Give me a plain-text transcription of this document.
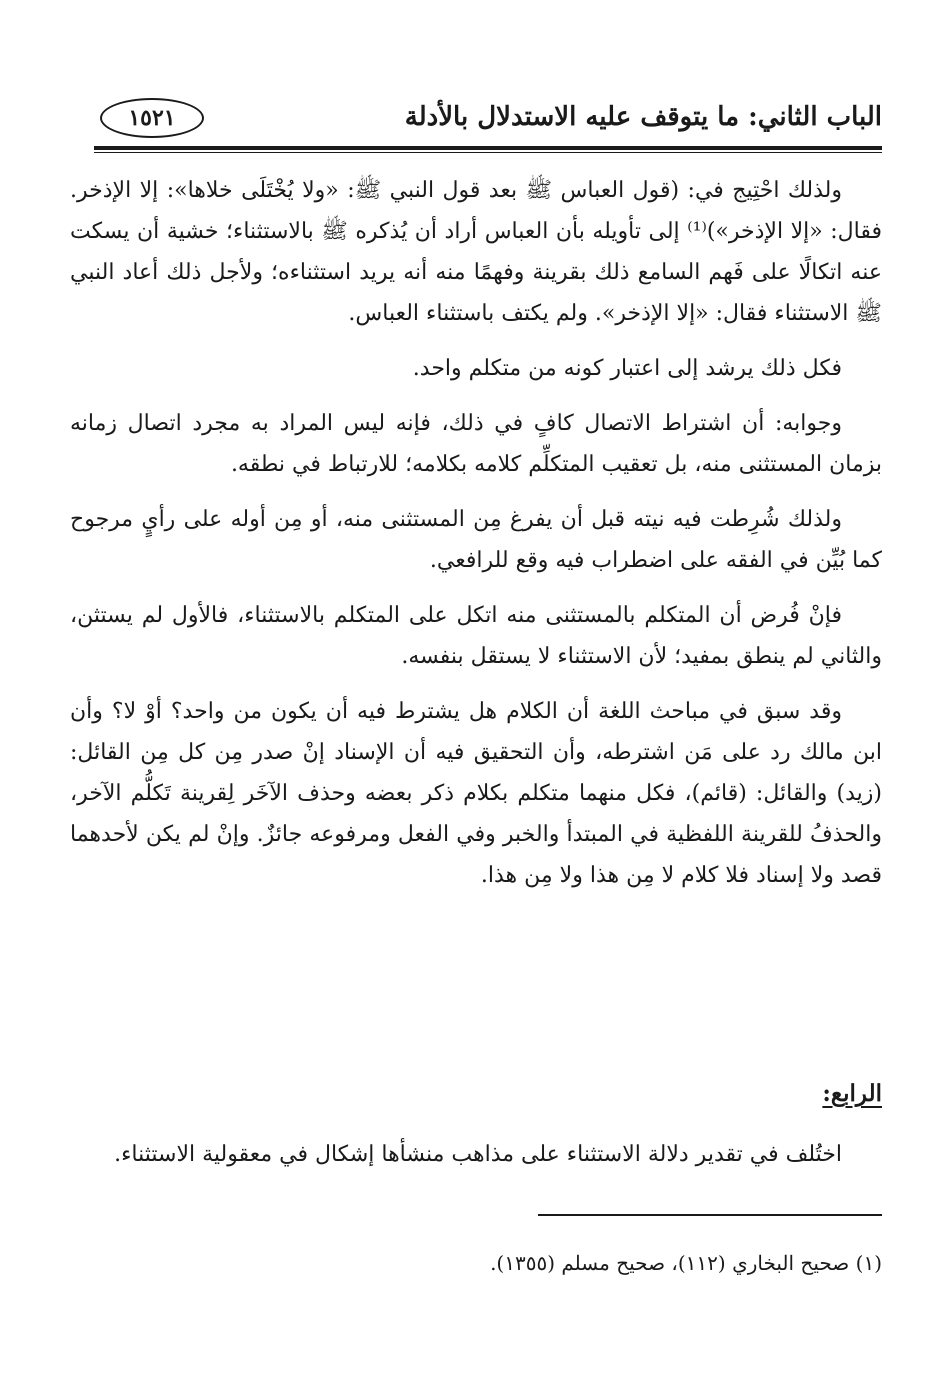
الباب الثاني: ما يتوقف عليه الاستدلال بالأدلة
١٥٢١

ولذلك احْتِيج في: (قول العباس ﷺ بعد قول النبي ﷺ: «ولا يُخْتَلَى خلاها»: إلا الإذخر. فقال: «إلا الإذخر»)⁽¹⁾ إلى تأويله بأن العباس أراد أن يُذكره ﷺ بالاستثناء؛ خشية أن يسكت عنه اتكالًا على فَهم السامع ذلك بقرينة وفهمًا منه أنه يريد استثناءه؛ ولأجل ذلك أعاد النبي ﷺ الاستثناء فقال: «إلا الإذخر». ولم يكتف باستثناء العباس.

فكل ذلك يرشد إلى اعتبار كونه من متكلم واحد.

وجوابه: أن اشتراط الاتصال كافٍ في ذلك، فإنه ليس المراد به مجرد اتصال زمانه بزمان المستثنى منه، بل تعقيب المتكلِّم كلامه بكلامه؛ للارتباط في نطقه.

ولذلك شُرِطت فيه نيته قبل أن يفرغ مِن المستثنى منه، أو مِن أوله على رأيٍ مرجوح كما بُيِّن في الفقه على اضطراب فيه وقع للرافعي.

فإنْ فُرض أن المتكلم بالمستثنى منه اتكل على المتكلم بالاستثناء، فالأول لم يستثن، والثاني لم ينطق بمفيد؛ لأن الاستثناء لا يستقل بنفسه.

وقد سبق في مباحث اللغة أن الكلام هل يشترط فيه أن يكون من واحد؟ أوْ لا؟ وأن ابن مالك رد على مَن اشترطه، وأن التحقيق فيه أن الإسناد إنْ صدر مِن كل مِن القائل: (زيد) والقائل: (قائم)، فكل منهما متكلم بكلام ذكر بعضه وحذف الآخَر لِقرينة تَكلُّم الآخر، والحذفُ للقرينة اللفظية في المبتدأ والخبر وفي الفعل ومرفوعه جائزٌ. وإنْ لم يكن لأحدهما قصد ولا إسناد فلا كلام لا مِن هذا ولا مِن هذا.

الرابع:

اختُلف في تقدير دلالة الاستثناء على مذاهب منشأها إشكال في معقولية الاستثناء.

(١) صحيح البخاري (١١٢)، صحيح مسلم (١٣٥٥).
